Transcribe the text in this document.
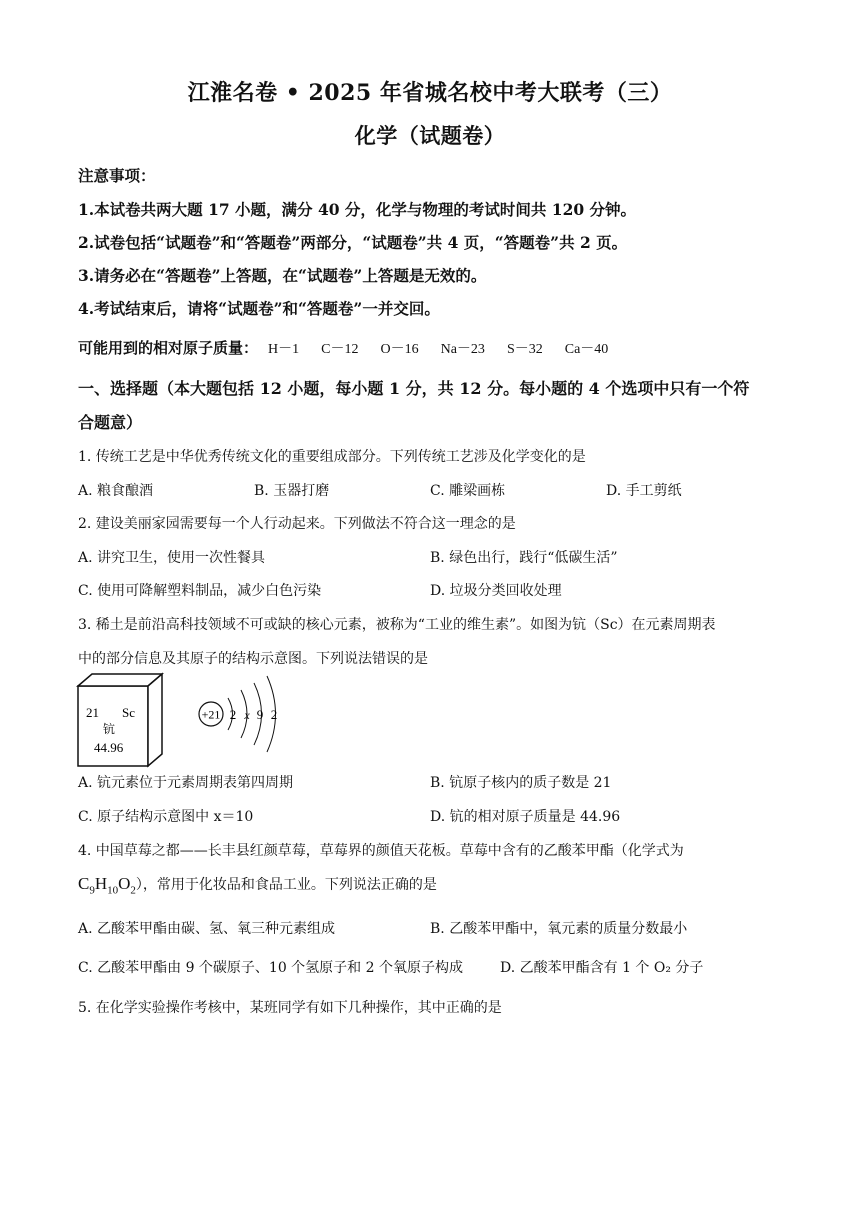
江淮名卷 • 2025 年省城名校中考大联考（三）
化学（试题卷）
注意事项：
1.本试卷共两大题 17 小题，满分 40 分，化学与物理的考试时间共 120 分钟。
2.试卷包括“试题卷”和“答题卷”两部分，“试题卷”共 4 页，“答题卷”共 2 页。
3.请务必在“答题卷”上答题，在“试题卷”上答题是无效的。
4.考试结束后，请将“试题卷”和“答题卷”一并交回。
可能用到的相对原子质量： H－1 C－12 O－16 Na－23 S－32 Ca－40
一、选择题（本大题包括 12 小题，每小题 1 分，共 12 分。每小题的 4 个选项中只有一个符
合题意）
1. 传统工艺是中华优秀传统文化的重要组成部分。下列传统工艺涉及化学变化的是
A. 粮食酿酒	B. 玉器打磨	C. 雕梁画栋	D. 手工剪纸
2. 建设美丽家园需要每一个人行动起来。下列做法不符合这一理念的是
A. 讲究卫生，使用一次性餐具	B. 绿色出行，践行“低碳生活”
C. 使用可降解塑料制品，减少白色污染	D. 垃圾分类回收处理
3. 稀土是前沿高科技领域不可或缺的核心元素，被称为“工业的维生素”。如图为钪（Sc）在元素周期表
中的部分信息及其原子的结构示意图。下列说法错误的是
21 Sc
钪
44.96
+21 2 x 9 2
A. 钪元素位于元素周期表第四周期	B. 钪原子核内的质子数是 21
C. 原子结构示意图中 x＝10	D. 钪的相对原子质量是 44.96
4. 中国草莓之都——长丰县红颜草莓，草莓界的颜值天花板。草莓中含有的乙酸苯甲酯（化学式为
$C_9H_{10}O_2$），常用于化妆品和食品工业。下列说法正确的是
A. 乙酸苯甲酯由碳、氢、氧三种元素组成	B. 乙酸苯甲酯中，氧元素的质量分数最小
C. 乙酸苯甲酯由 9 个碳原子、10 个氢原子和 2 个氧原子构成	D. 乙酸苯甲酯含有 1 个 O₂ 分子
5. 在化学实验操作考核中，某班同学有如下几种操作，其中正确的是
